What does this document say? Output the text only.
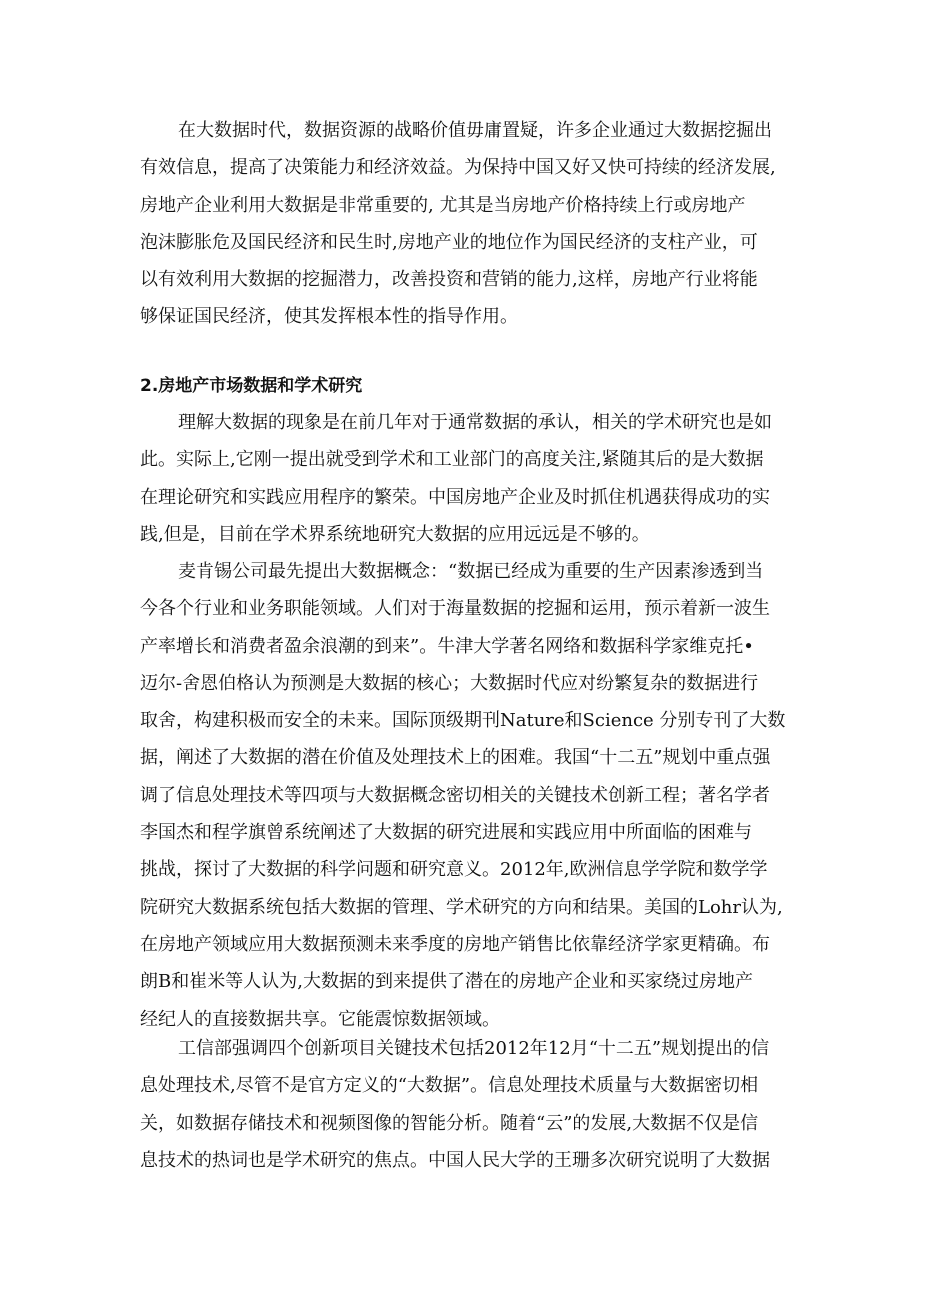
在大数据时代，数据资源的战略价值毋庸置疑，许多企业通过大数据挖掘出
有效信息，提高了决策能力和经济效益。为保持中国又好又快可持续的经济发展,
房地产企业利用大数据是非常重要的, 尤其是当房地产价格持续上行或房地产
泡沫膨胀危及国民经济和民生时,房地产业的地位作为国民经济的支柱产业，可
以有效利用大数据的挖掘潜力，改善投资和营销的能力,这样，房地产行业将能
够保证国民经济，使其发挥根本性的指导作用。
2.房地产市场数据和学术研究
理解大数据的现象是在前几年对于通常数据的承认，相关的学术研究也是如
此。实际上,它刚一提出就受到学术和工业部门的高度关注,紧随其后的是大数据
在理论研究和实践应用程序的繁荣。中国房地产企业及时抓住机遇获得成功的实
践,但是，目前在学术界系统地研究大数据的应用远远是不够的。
麦肯锡公司最先提出大数据概念：“数据已经成为重要的生产因素渗透到当
今各个行业和业务职能领域。人们对于海量数据的挖掘和运用，预示着新一波生
产率增长和消费者盈余浪潮的到来”。牛津大学著名网络和数据科学家维克托•
迈尔-舍恩伯格认为预测是大数据的核心；大数据时代应对纷繁复杂的数据进行
取舍，构建积极而安全的未来。国际顶级期刊Nature和Science 分别专刊了大数
据，阐述了大数据的潜在价值及处理技术上的困难。我国“十二五”规划中重点强
调了信息处理技术等四项与大数据概念密切相关的关键技术创新工程；著名学者
李国杰和程学旗曾系统阐述了大数据的研究进展和实践应用中所面临的困难与
挑战，探讨了大数据的科学问题和研究意义。2012年,欧洲信息学学院和数学学
院研究大数据系统包括大数据的管理、学术研究的方向和结果。美国的Lohr认为,
在房地产领域应用大数据预测未来季度的房地产销售比依靠经济学家更精确。布
朗B和崔米等人认为,大数据的到来提供了潜在的房地产企业和买家绕过房地产
经纪人的直接数据共享。它能震惊数据领域。
工信部强调四个创新项目关键技术包括2012年12月“十二五”规划提出的信
息处理技术,尽管不是官方定义的“大数据”。信息处理技术质量与大数据密切相
关，如数据存储技术和视频图像的智能分析。随着“云”的发展,大数据不仅是信
息技术的热词也是学术研究的焦点。中国人民大学的王珊多次研究说明了大数据
